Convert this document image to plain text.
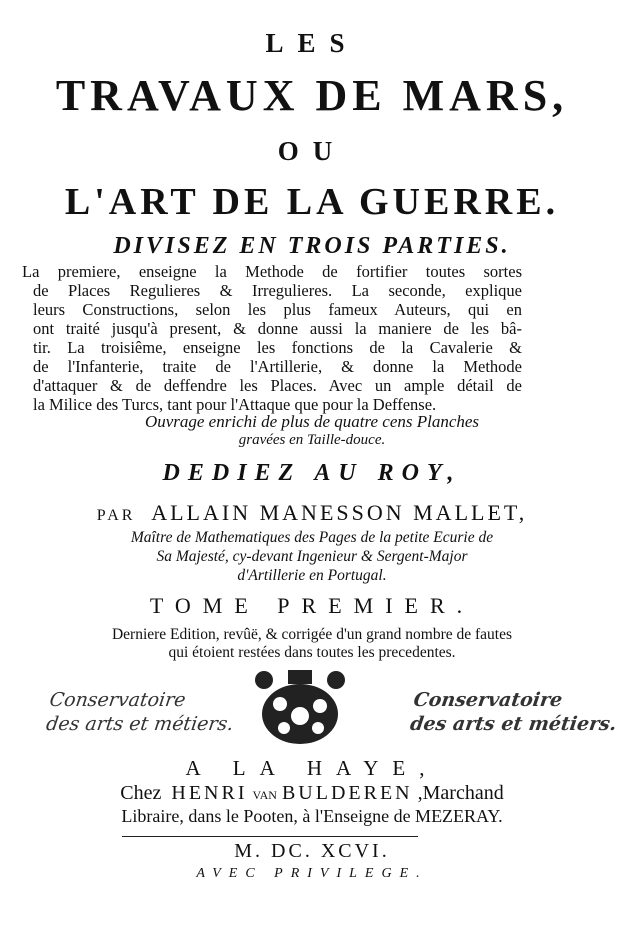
LES
TRAVAUX DE MARS,
OU
L'ART DE LA GUERRE.
DIVISEZ EN TROIS PARTIES.
La premiere, enseigne la Methode de fortifier toutes sortes
de Places Regulieres & Irregulieres. La seconde, explique
leurs Constructions, selon les plus fameux Auteurs, qui en
ont traité jusqu'à present, & donne aussi la maniere de les bâ-
tir. La troisiême, enseigne les fonctions de la Cavalerie &
de l'Infanterie, traite de l'Artillerie, & donne la Methode
d'attaquer & de deffendre les Places. Avec un ample détail de
la Milice des Turcs, tant pour l'Attaque que pour la Deffense.
Ouvrage enrichi de plus de quatre cens Planches
gravées en Taille-douce.
DEDIEZ AU ROY,
PAR ALLAIN MANESSON MALLET,
Maître de Mathematiques des Pages de la petite Ecurie de
Sa Majesté, cy-devant Ingenieur & Sergent-Major
d'Artillerie en Portugal.
TOME PREMIER.
Derniere Edition, revûë, & corrigée d'un grand nombre de fautes
qui étoient restées dans toutes les precedentes.
Conservatoire
des arts et métiers.
Conservatoire
des arts et métiers.
A LA HAYE,
Chez HENRI VAN BULDEREN ,Marchand
Libraire, dans le Pooten, à l'Enseigne de MEZERAY.
M. DC. XCVI.
AVEC PRIVILEGE.
